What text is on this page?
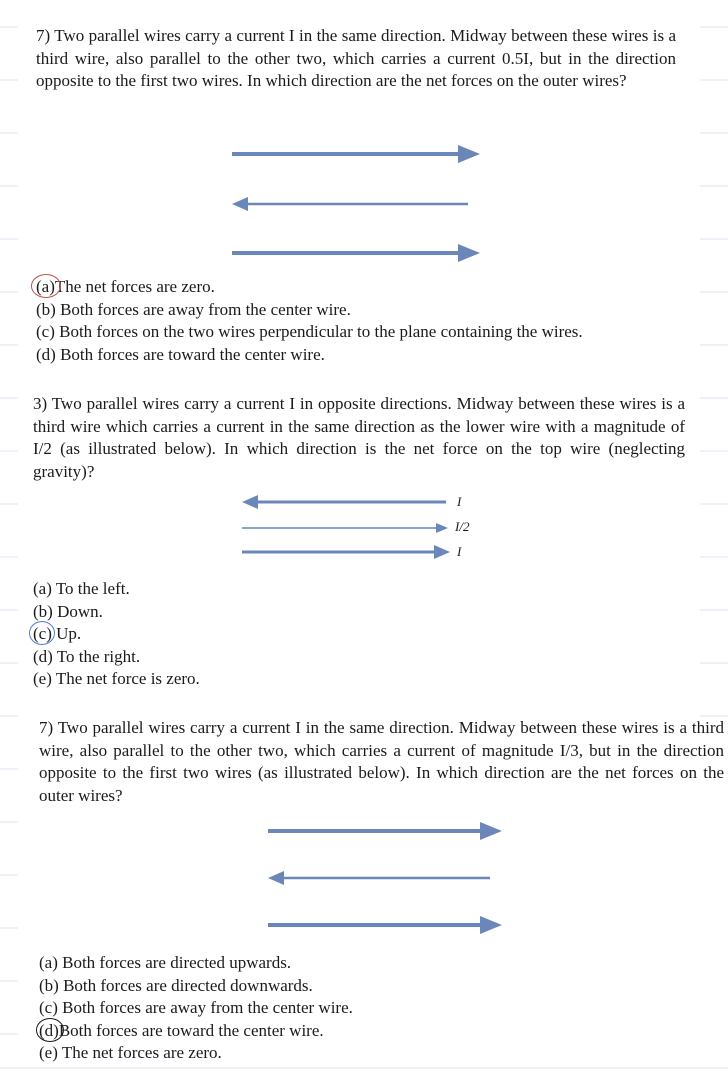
I
I/2
I
7) Two parallel wires carry a current I in the same direction. Midway between these wires is a third wire, also parallel to the other two, which carries a current 0.5I, but in the direction opposite to the first two wires. In which direction are the net forces on the outer wires?
(a)
The net forces are zero.
(b) Both forces are away from the center wire.
(c) Both forces on the two wires perpendicular to the plane containing the wires.
(d) Both forces are toward the center wire.
3) Two parallel wires carry a current I in opposite directions. Midway between these wires is a third wire which carries a current in the same direction as the lower wire with a magnitude of I/2 (as illustrated below). In which direction is the net force on the top wire (neglecting gravity)?
(a) To the left.
(b) Down.
(c) Up.
(d) To the right.
(e) The net force is zero.
7) Two parallel wires carry a current I in the same direction. Midway between these wires is a third wire, also parallel to the other two, which carries a current of magnitude I/3, but in the direction opposite to the first two wires (as illustrated below). In which direction are the net forces on the outer wires?
(a) Both forces are directed upwards.
(b) Both forces are directed downwards.
(c) Both forces are away from the center wire.
(d)
Both forces are toward the center wire.
(e) The net forces are zero.
